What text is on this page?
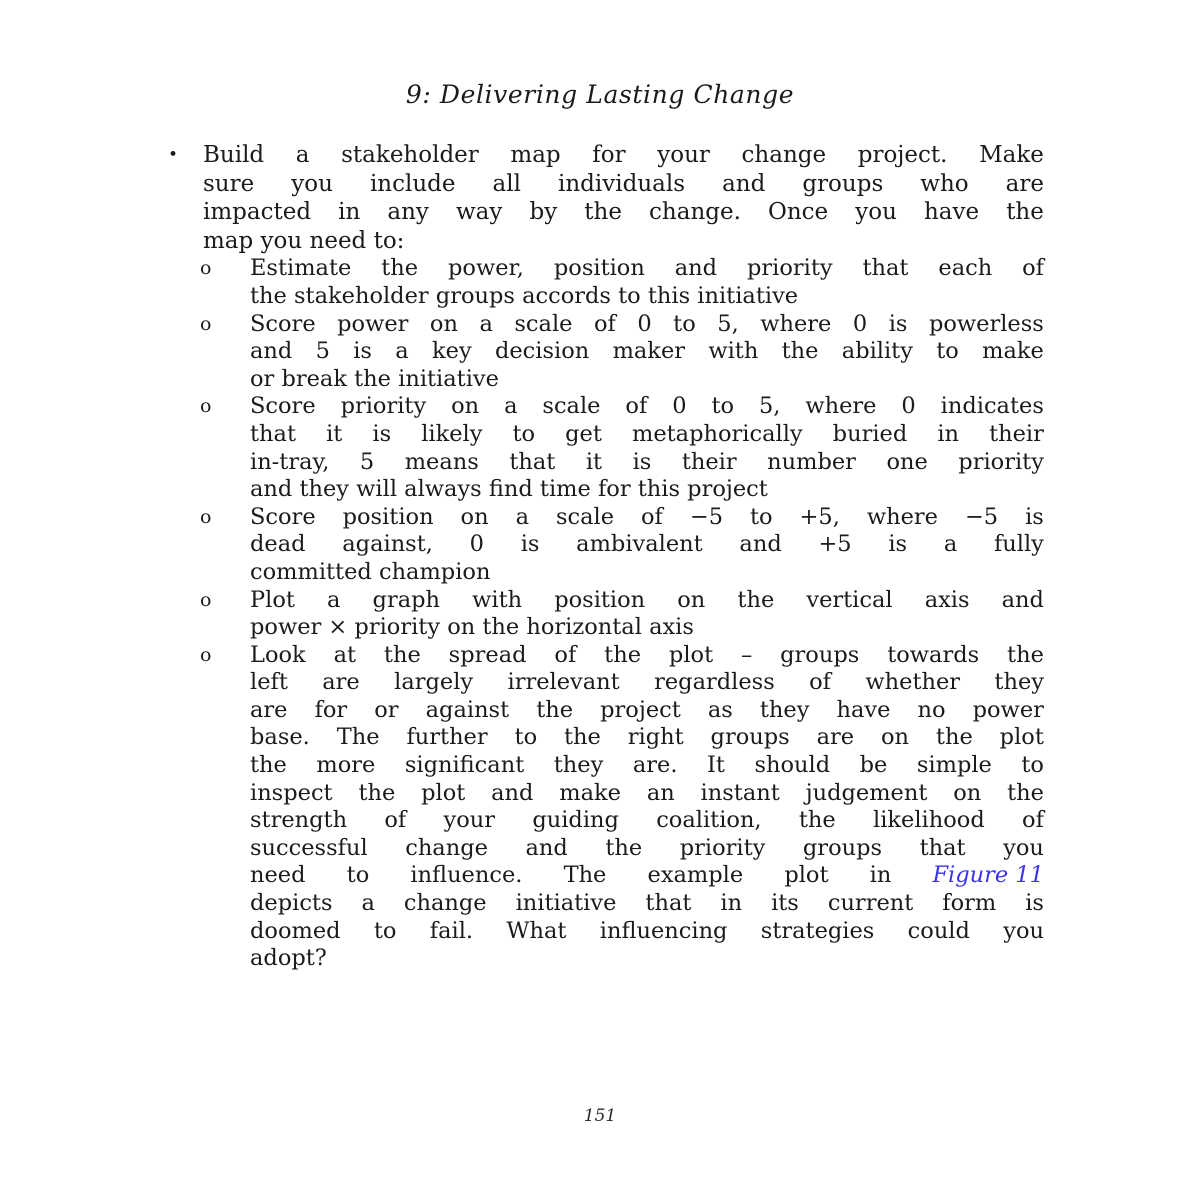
9: Delivering Lasting Change
• Build a stakeholder map for your change project. Make
sure you include all individuals and groups who are
impacted in any way by the change. Once you have the
map you need to:
o Estimate the power, position and priority that each of
the stakeholder groups accords to this initiative
o Score power on a scale of 0 to 5, where 0 is powerless
and 5 is a key decision maker with the ability to make
or break the initiative
o Score priority on a scale of 0 to 5, where 0 indicates
that it is likely to get metaphorically buried in their
in-tray, 5 means that it is their number one priority
and they will always find time for this project
o Score position on a scale of −5 to +5, where −5 is
dead against, 0 is ambivalent and +5 is a fully
committed champion
o Plot a graph with position on the vertical axis and
power × priority on the horizontal axis
o Look at the spread of the plot – groups towards the
left are largely irrelevant regardless of whether they
are for or against the project as they have no power
base. The further to the right groups are on the plot
the more significant they are. It should be simple to
inspect the plot and make an instant judgement on the
strength of your guiding coalition, the likelihood of
successful change and the priority groups that you
need to influence. The example plot in Figure 11
depicts a change initiative that in its current form is
doomed to fail. What influencing strategies could you
adopt?
151
